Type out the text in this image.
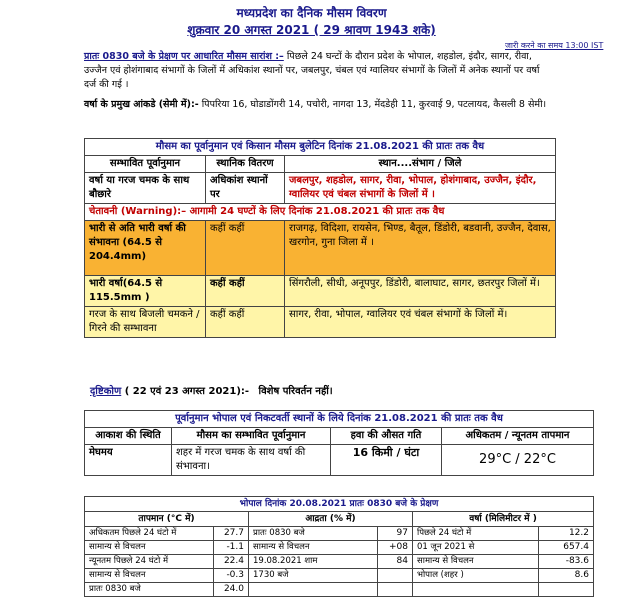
मध्यप्रदेश का दैनिक मौसम विवरण
शुक्रवार 20 अगस्त 2021 ( 29 श्रावण 1943 शके)
जारी करने का समय 13:00 IST
प्रातः 0830 बजे के प्रेक्षण पर आधारित मौसम सारांश :– पिछले 24 घन्टों के दौरान प्रदेश के भोपाल, शहडोल, इंदौर, सागर, रीवा, उज्जैन एवं होशंगाबाद संभागों के जिलों में अधिकांश स्थानों पर, जबलपुर, चंबल एवं ग्वालियर संभागों के जिलों में अनेक स्थानों पर वर्षा दर्ज की गई ।
वर्षा के प्रमुख आंकडे (सेमी में):- पिपरिया 16, घोडाडोंगरी 14, पचोरी, नागदा 13, मेंदडेही 11, कुरवाई 9, पटलायद, कैसली 8 सेमी।
मौसम का पूर्वानुमान एवं किसान मौसम बुलेटिन दिनांक 21.08.2021 की प्रातः तक वैध		
सम्भावित पूर्वानुमान	स्थानिक वितरण	स्थान....संभाग / जिले
वर्षा या गरज चमक के साथ बौछारे	अधिकांश स्थानों पर	जबलपुर, शहडोल, सागर, रीवा, भोपाल, होशंगाबाद, उज्जैन, इंदौर, ग्वालियर एवं चंबल संभागों के जिलों में ।
चेतावनी (Warning):– आगामी 24 घण्टों के लिए दिनांक 21.08.2021 की प्रातः तक वैध		
भारी से अति भारी वर्षा की संभावना (64.5 से 204.4mm)	कहीं कहीं	राजगढ़, विदिशा, रायसेन, भिण्ड, बैतूल, डिंडोरी, बडवानी, उज्जैन, देवास, खरगोन, गुना जिला में ।
भारी वर्षा(64.5 से 115.5mm )	कहीं कहीं	सिंगरौली, सीधी, अनूपपुर, डिंडोरी, बालाघाट, सागर, छतरपुर जिलों में।
गरज के साथ बिजली चमकने / गिरने की सम्भावना	कहीं कहीं	सागर, रीवा, भोपाल, ग्वालियर एवं चंबल संभागों के जिलों में।
दृष्टिकोण ( 22 एवं 23 अगस्त 2021):- विशेष परिवर्तन नहीं।
पूर्वानुमान भोपाल एवं निकटवर्ती स्थानों के लिये दिनांक 21.08.2021 की प्रातः तक वैध			
आकाश की स्थिति	मौसम का सम्भावित पूर्वानुमान	हवा की औसत गति	अधिकतम / न्यूनतम तापमान
मेघमय	शहर में गरज चमक के साथ वर्षा की संभावना।	16 किमी / घंटा	29°C / 22°C
भोपाल दिनांक 20.08.2021 प्रातः 0830 बजे के प्रेक्षण					
तापमान (°C में)		आद्रता (% में)		वर्षा (मिलिमीटर में )	
अधिकतम पिछले 24 घंटो में	27.7	प्रातः 0830 बजे	97	पिछले 24 घंटो में	12.2
सामान्य से विचलन	-1.1	सामान्य से विचलन	+08	01 जून 2021 से	657.4
न्यूनतम पिछले 24 घंटो में	22.4	19.08.2021 शाम	84	सामान्य से विचलन	-83.6
सामान्य से विचलन	-0.3	1730 बजे		भोपाल (शहर )	8.6
प्रातः 0830 बजे	24.0				
